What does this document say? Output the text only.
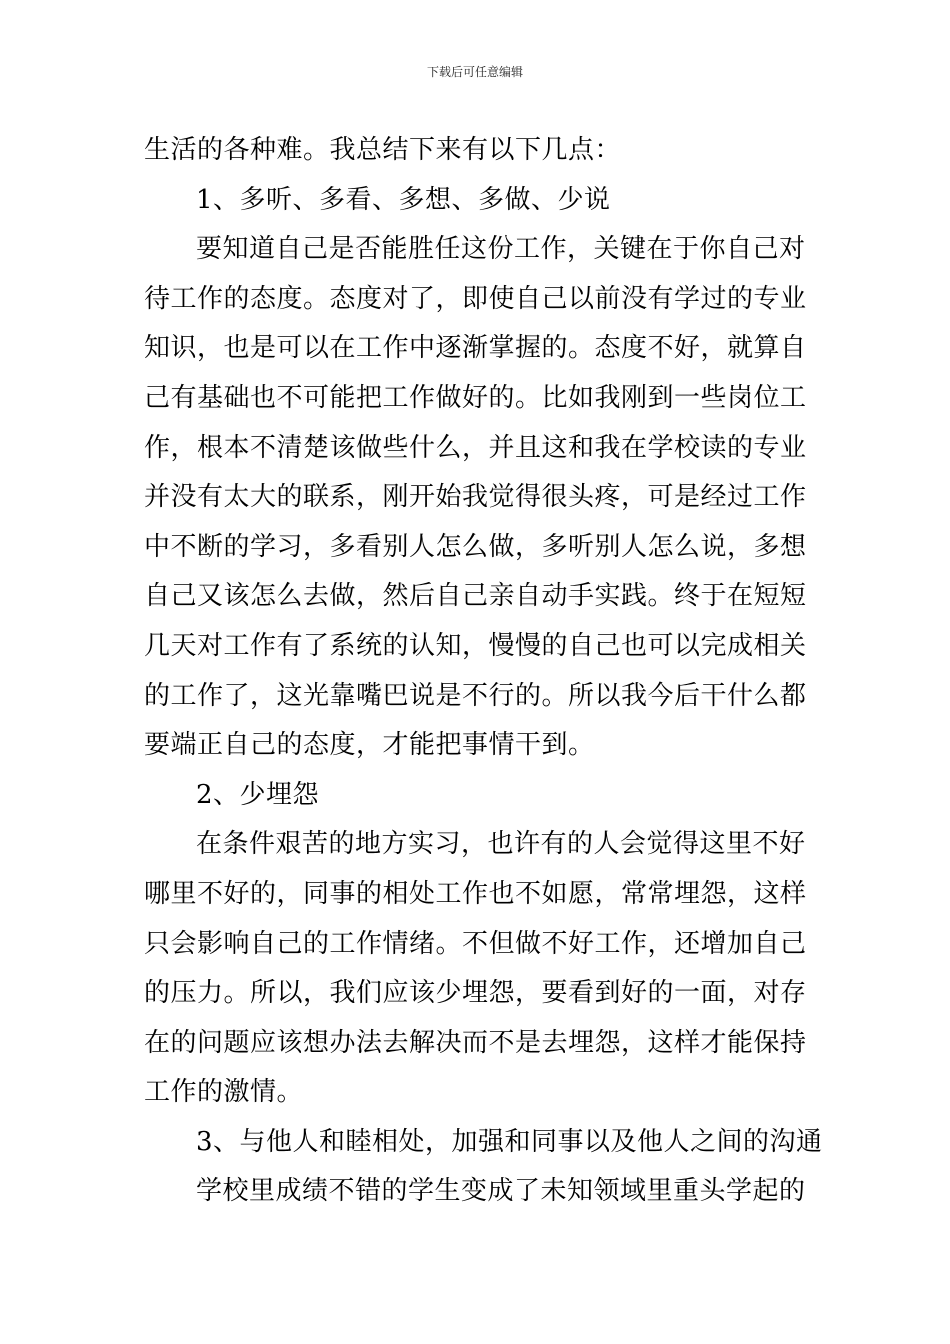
下载后可任意编辑
生活的各种难。我总结下来有以下几点：
1、多听、多看、多想、多做、少说
要知道自己是否能胜任这份工作，关键在于你自己对
待工作的态度。态度对了，即使自己以前没有学过的专业
知识，也是可以在工作中逐渐掌握的。态度不好，就算自
己有基础也不可能把工作做好的。比如我刚到一些岗位工
作，根本不清楚该做些什么，并且这和我在学校读的专业
并没有太大的联系，刚开始我觉得很头疼，可是经过工作
中不断的学习，多看别人怎么做，多听别人怎么说，多想
自己又该怎么去做，然后自己亲自动手实践。终于在短短
几天对工作有了系统的认知，慢慢的自己也可以完成相关
的工作了，这光靠嘴巴说是不行的。所以我今后干什么都
要端正自己的态度，才能把事情干到。
2、少埋怨
在条件艰苦的地方实习，也许有的人会觉得这里不好
哪里不好的，同事的相处工作也不如愿，常常埋怨，这样
只会影响自己的工作情绪。不但做不好工作，还增加自己
的压力。所以，我们应该少埋怨，要看到好的一面，对存
在的问题应该想办法去解决而不是去埋怨，这样才能保持
工作的激情。
3、与他人和睦相处，加强和同事以及他人之间的沟通
学校里成绩不错的学生变成了未知领域里重头学起的
